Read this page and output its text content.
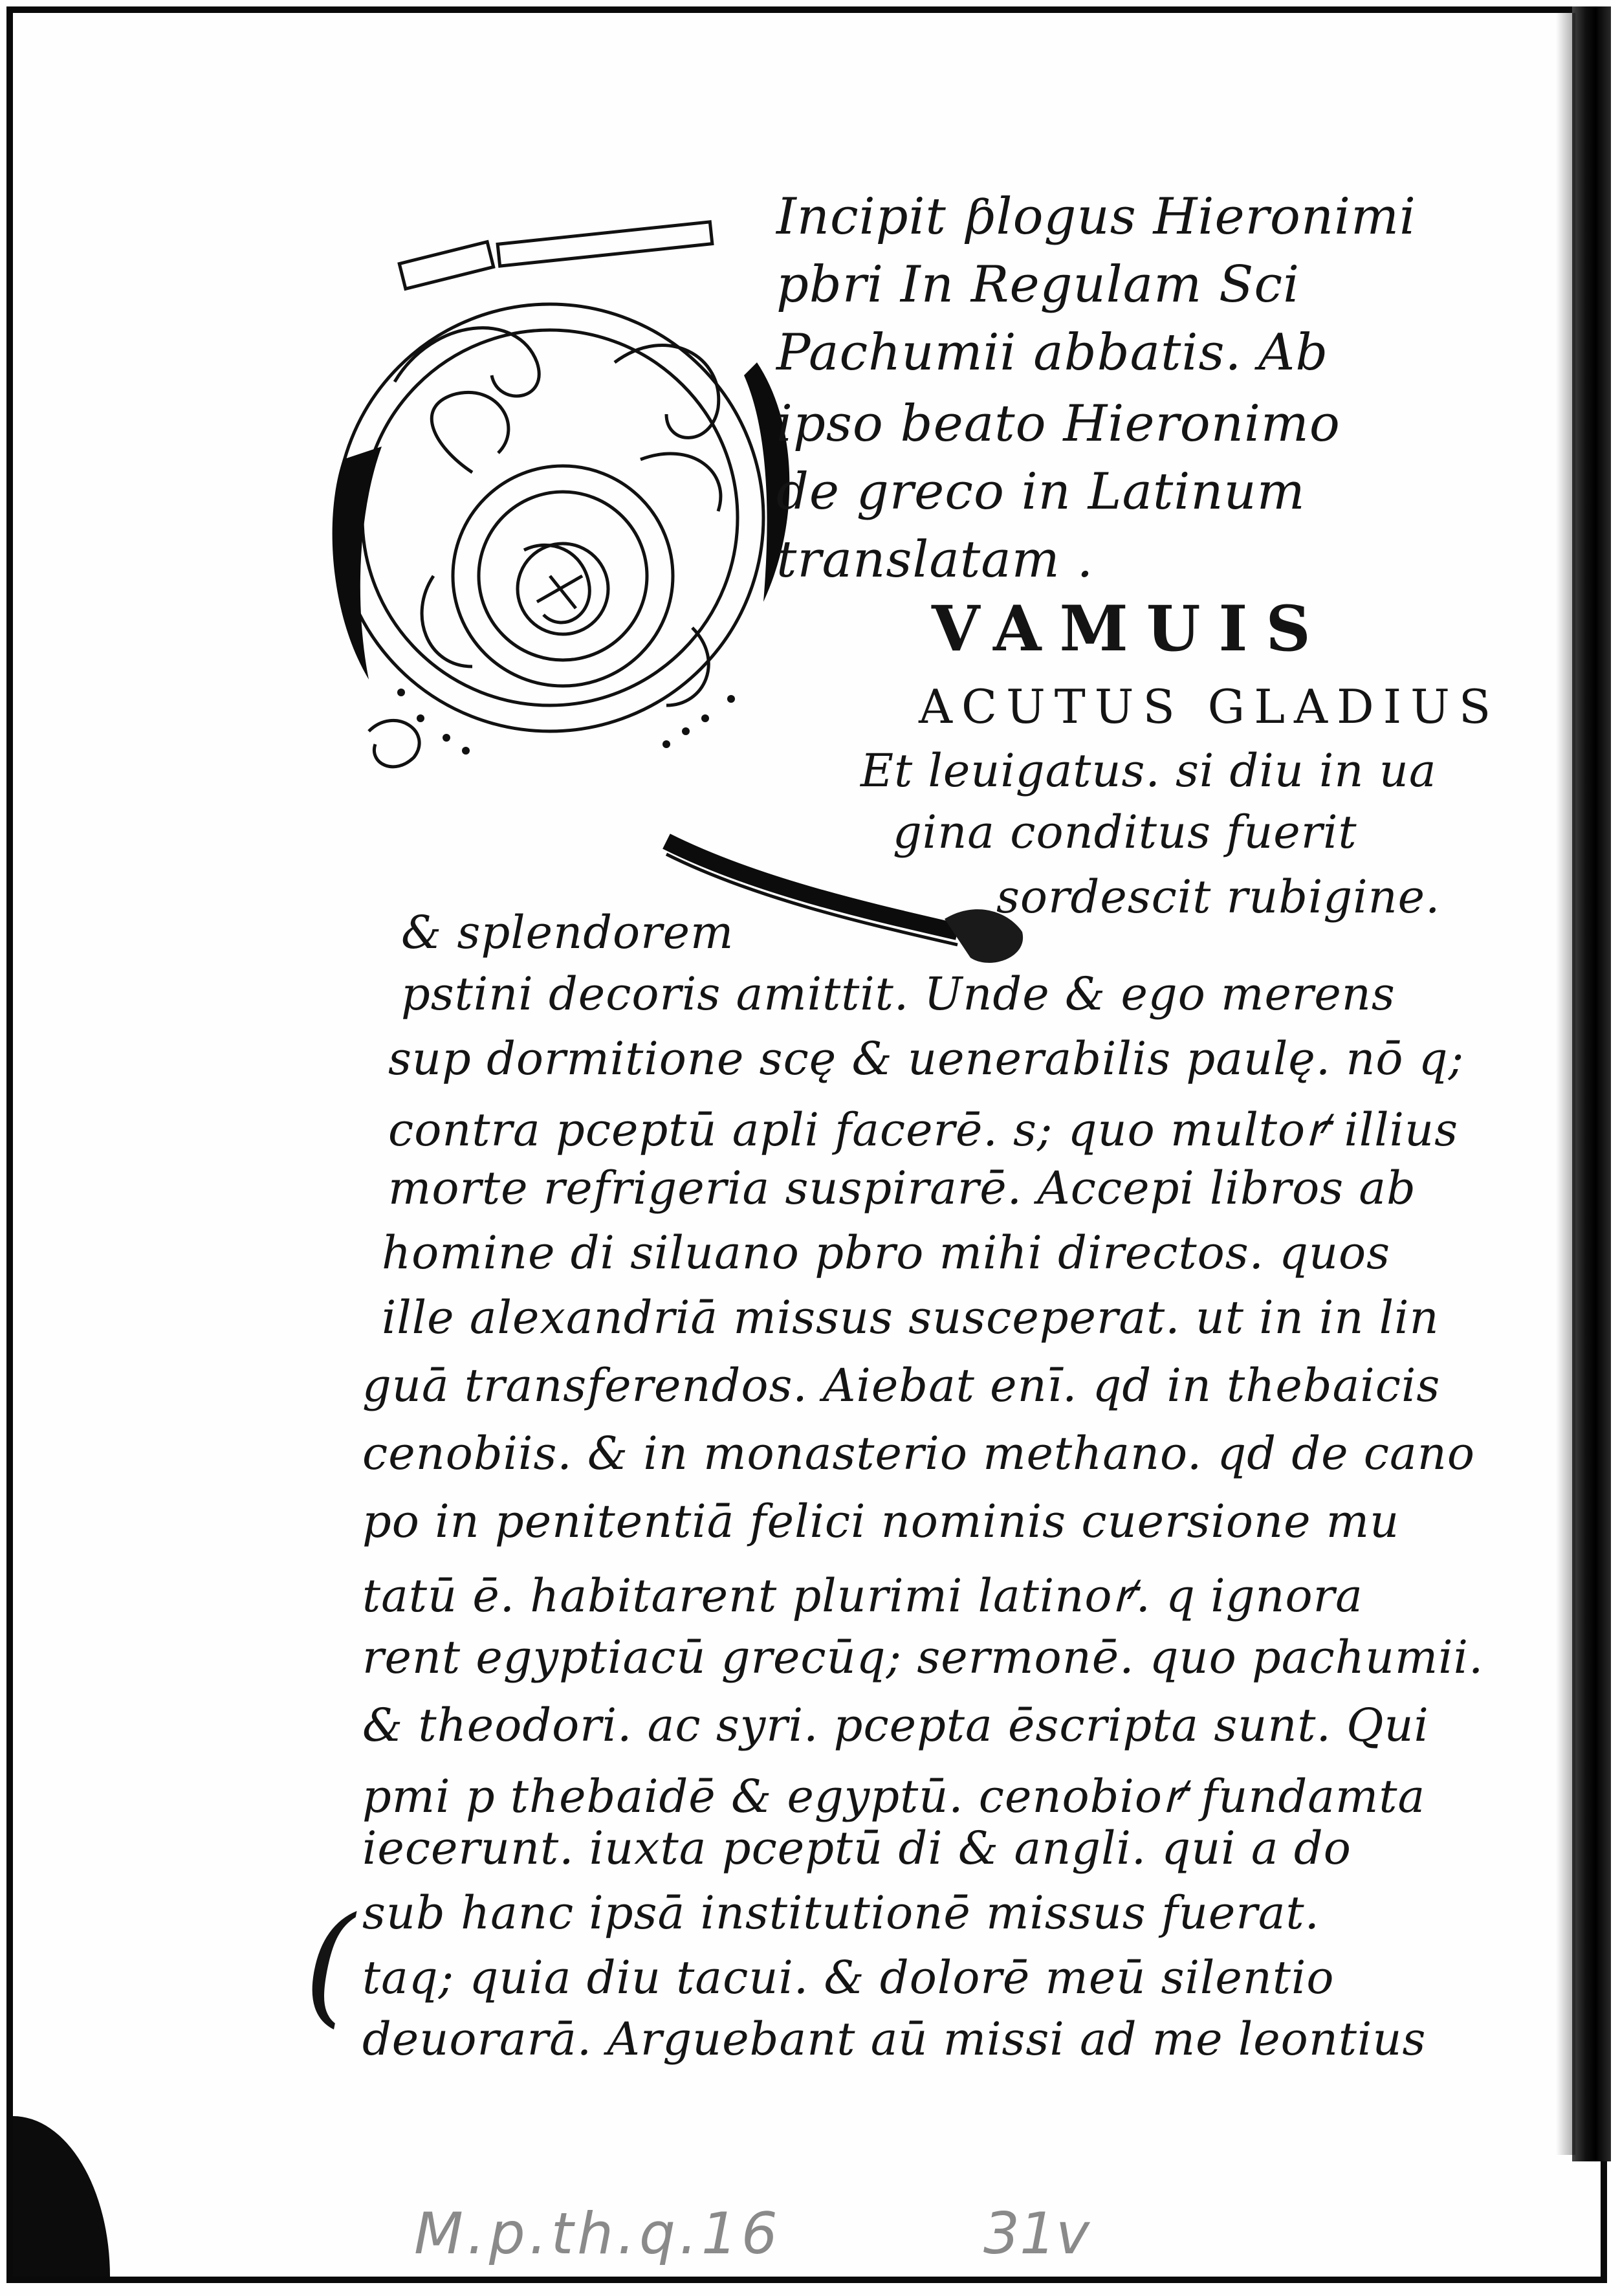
Incipit ƥlogus Hieronimi
pbri In Regulam Sci
Pachumii abbatis. Ab
ipso beato Hieronimo
de greco in Latinum
translatam .
VAMUIS
ACUTUS GLADIUS
Et leuigatus. si diu in ua
gina conditus fuerit
sordescit rubigine.
& splendorem
pstini decoris amittit. Unde & ego merens
sup dormitione scę & uenerabilis paulę. nō q;
contra pceptū apli facerē. s; quo multoꝵ illius
morte refrigeria suspirarē. Accepi libros ab
homine di siluano pbro mihi directos. quos
ille alexandriā missus susceperat. ut in in lin
guā transferendos. Aiebat enī. qd in thebaicis
cenobiis. & in monasterio methano. qd de cano
po in penitentiā felici nominis cuersione mu
tatū ē. habitarent plurimi latinoꝵ. q ignora
rent egyptiacū grecūq; sermonē. quo pachumii.
& theodori. ac syri. pcepta ēscripta sunt. Qui
pmi p thebaidē & egyptū. cenobioꝵ fundamta
iecerunt. iuxta pceptū di & angli. qui a do
sub hanc ipsā institutionē missus fuerat.
taq; quia diu tacui. & dolorē meū silentio
deuorarā. Arguebant aū missi ad me leontius
(
M.p.th.q.16	31v
